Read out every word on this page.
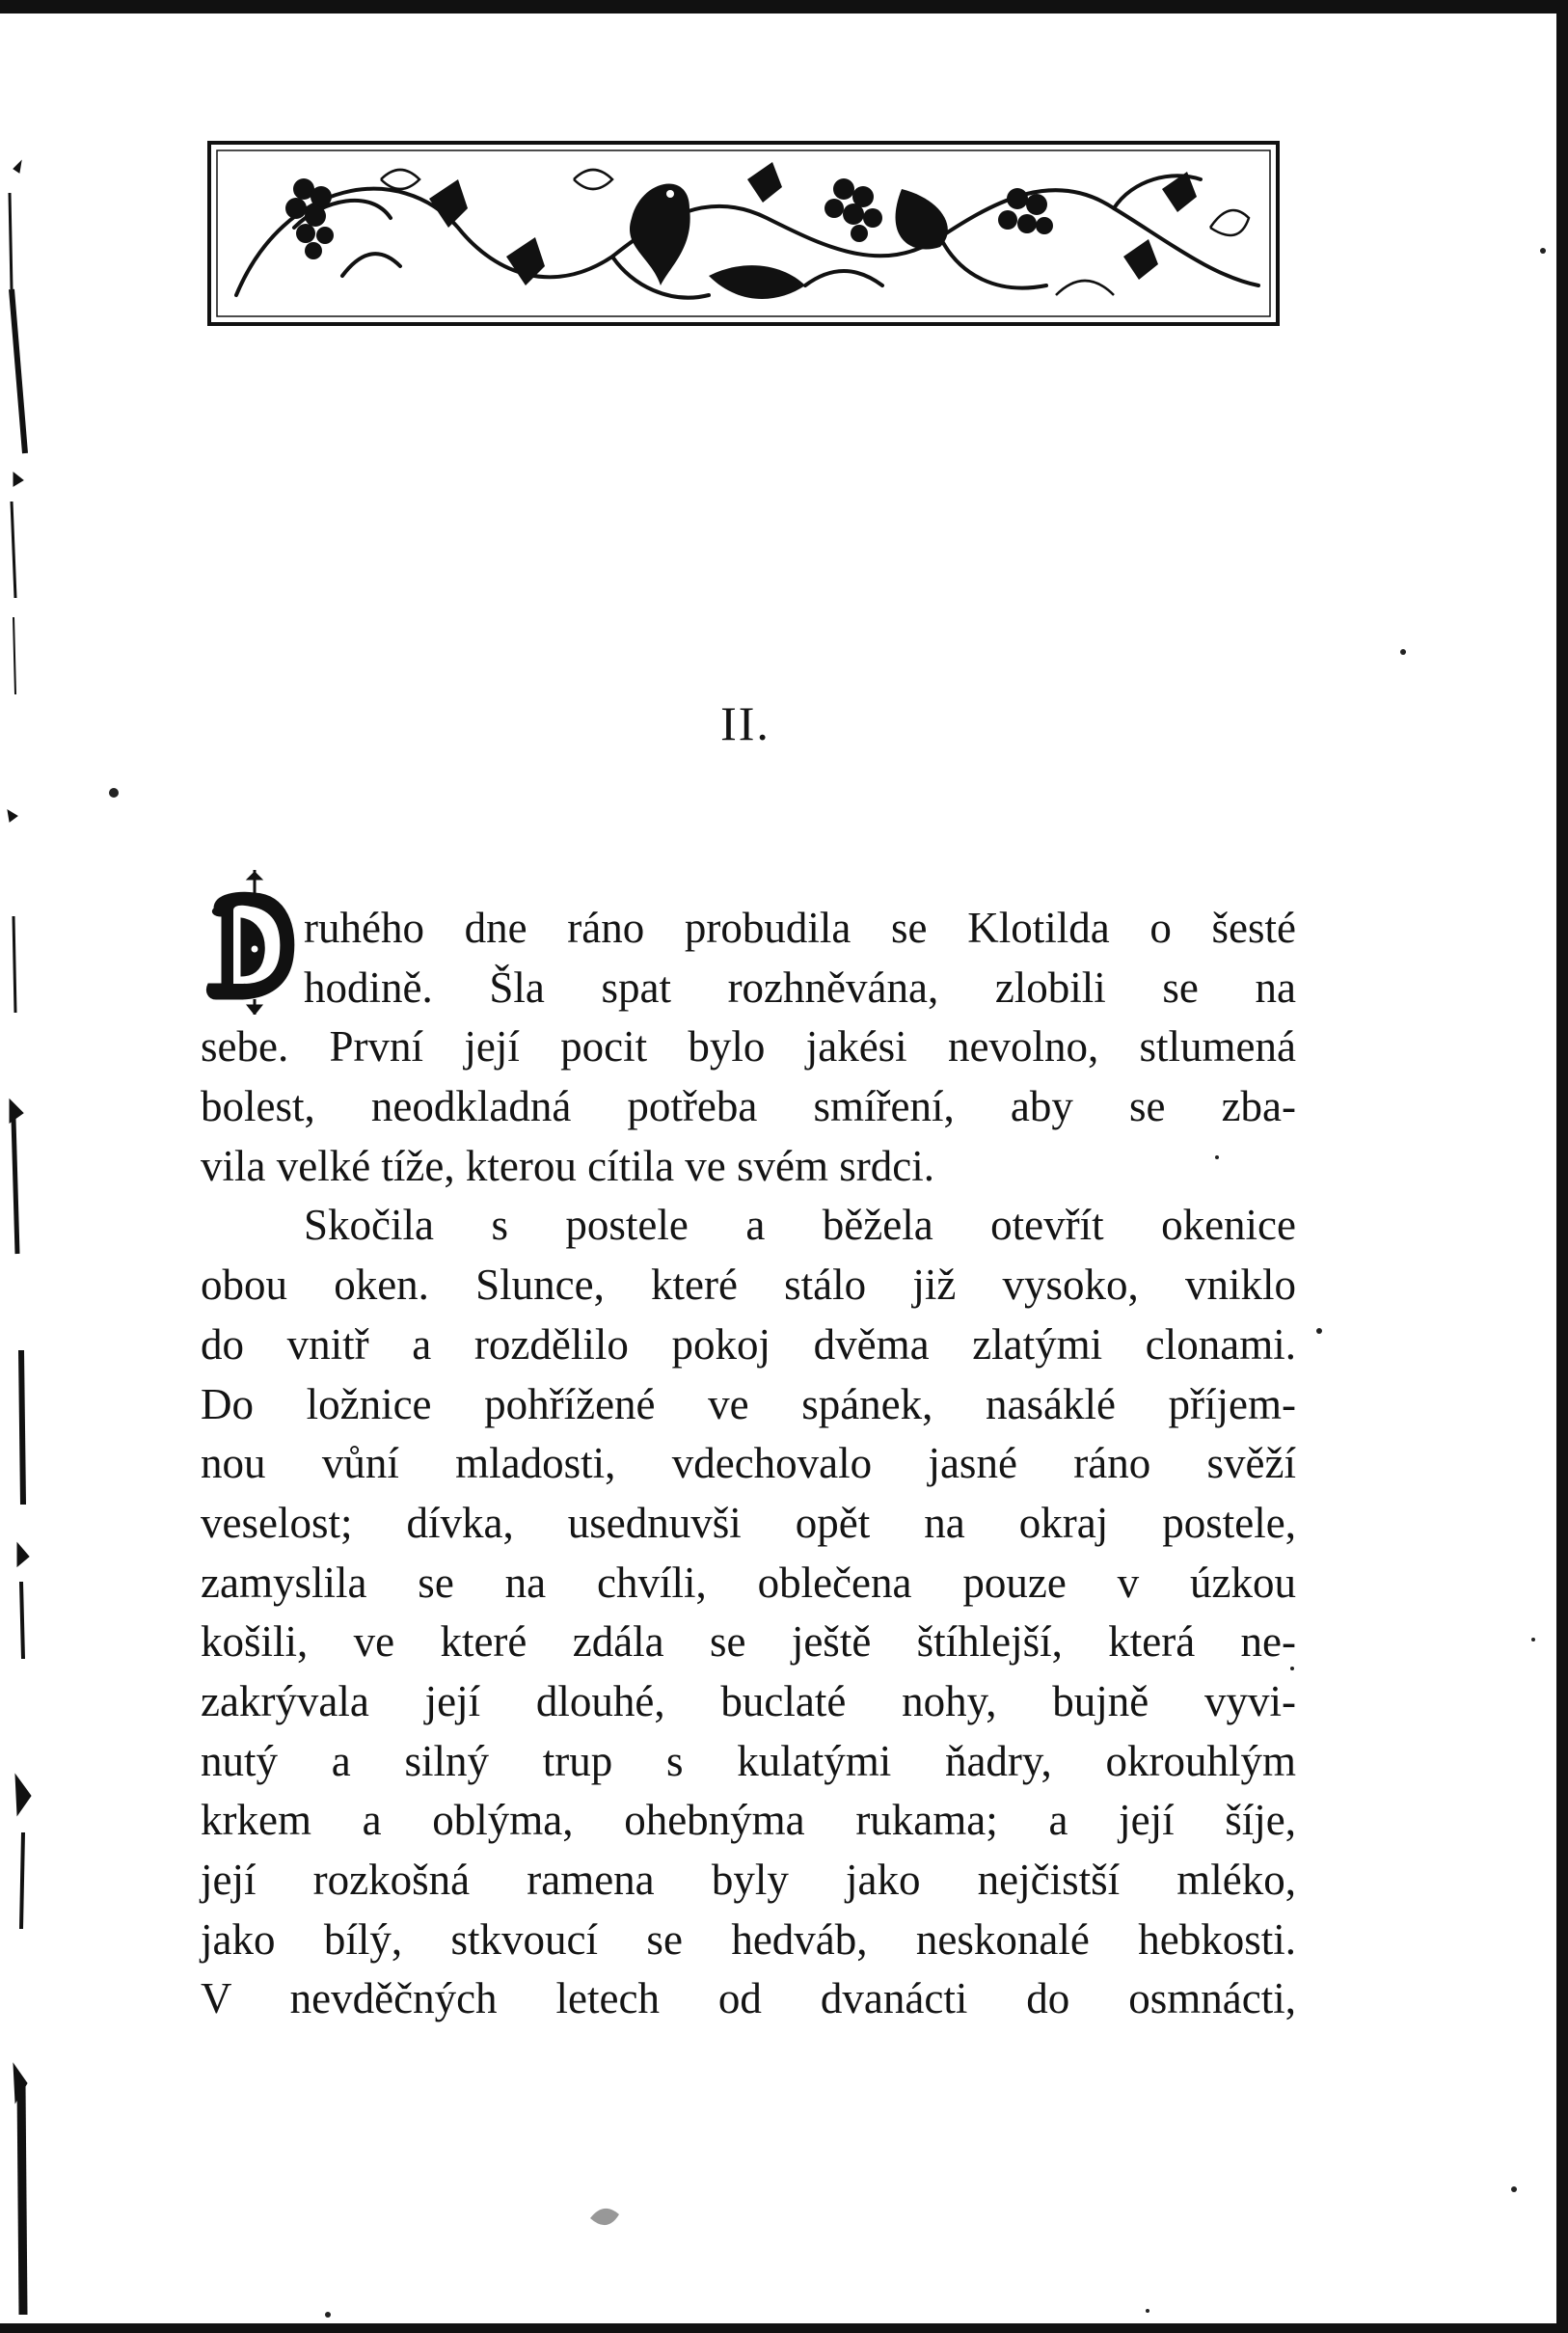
II.
D
ruhého dne ráno probudila se Klotilda o šesté
hodině. Šla spat rozhněvána, zlobili se na
sebe. První její pocit bylo jakési nevolno, stlumená
bolest, neodkladná potřeba smíření, aby se zba-
vila velké tíže, kterou cítila ve svém srdci.
Skočila s postele a běžela otevřít okenice
obou oken. Slunce, které stálo již vysoko, vniklo
do vnitř a rozdělilo pokoj dvěma zlatými clonami.
Do ložnice pohřížené ve spánek, nasáklé příjem-
nou vůní mladosti, vdechovalo jasné ráno svěží
veselost; dívka, usednuvši opět na okraj postele,
zamyslila se na chvíli, oblečena pouze v úzkou
košili, ve které zdála se ještě štíhlejší, která ne-
zakrývala její dlouhé, buclaté nohy, bujně vyvi-
nutý a silný trup s kulatými ňadry, okrouhlým
krkem a oblýma, ohebnýma rukama; a její šíje,
její rozkošná ramena byly jako nejčistší mléko,
jako bílý, stkvoucí se hedváb, neskonalé hebkosti.
V nevděčných letech od dvanácti do osmnácti,
